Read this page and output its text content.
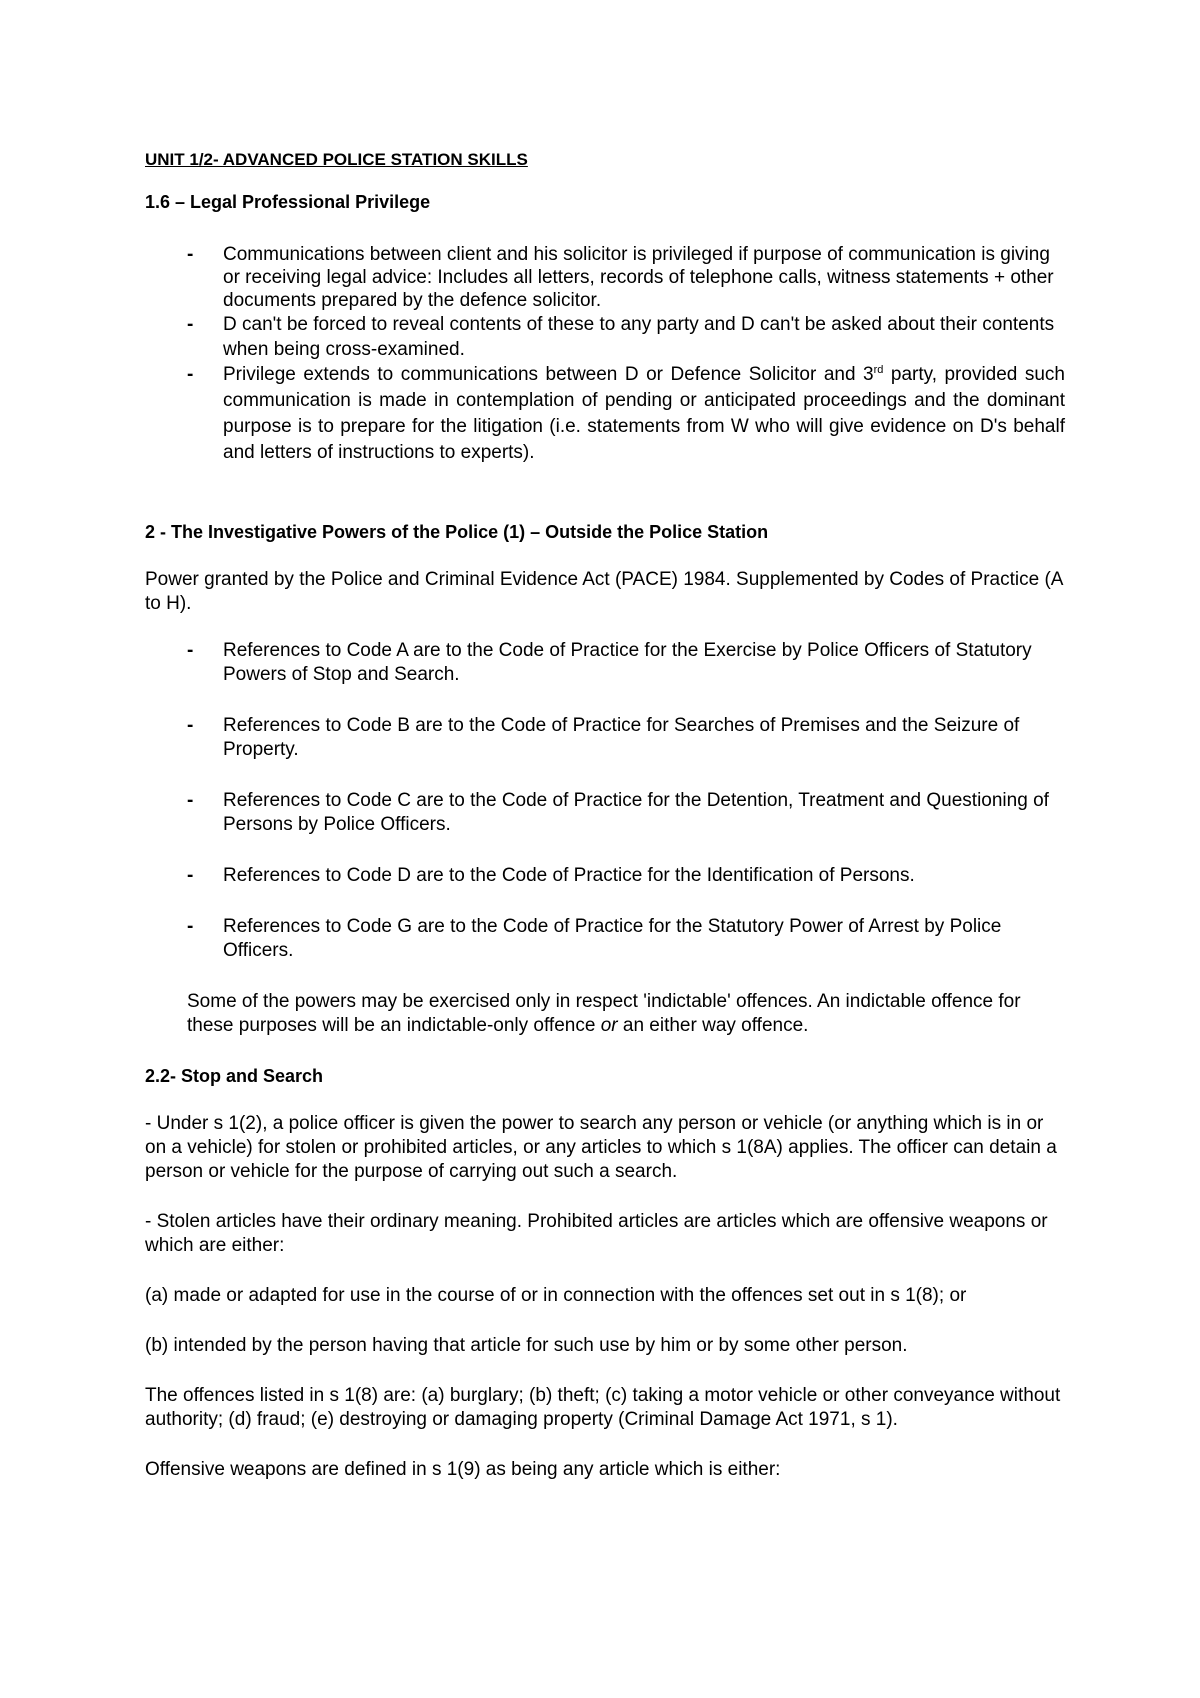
UNIT 1/2- ADVANCED POLICE STATION SKILLS
1.6 – Legal Professional Privilege
- Communications between client and his solicitor is privileged if purpose of communication is giving or receiving legal advice: Includes all letters, records of telephone calls, witness statements + other documents prepared by the defence solicitor.
- D can't be forced to reveal contents of these to any party and D can't be asked about their contents when being cross-examined.
- Privilege extends to communications between D or Defence Solicitor and 3rd party, provided such communication is made in contemplation of pending or anticipated proceedings and the dominant purpose is to prepare for the litigation (i.e. statements from W who will give evidence on D's behalf and letters of instructions to experts).
2 - The Investigative Powers of the Police (1) – Outside the Police Station

Power granted by the Police and Criminal Evidence Act (PACE) 1984. Supplemented by Codes of Practice (A to H).

- References to Code A are to the Code of Practice for the Exercise by Police Officers of Statutory Powers of Stop and Search.
- References to Code B are to the Code of Practice for Searches of Premises and the Seizure of Property.
- References to Code C are to the Code of Practice for the Detention, Treatment and Questioning of Persons by Police Officers.
- References to Code D are to the Code of Practice for the Identification of Persons.
- References to Code G are to the Code of Practice for the Statutory Power of Arrest by Police Officers.

Some of the powers may be exercised only in respect 'indictable' offences. An indictable offence for these purposes will be an indictable-only offence or an either way offence.

2.2- Stop and Search

- Under s 1(2), a police officer is given the power to search any person or vehicle (or anything which is in or on a vehicle) for stolen or prohibited articles, or any articles to which s 1(8A) applies. The officer can detain a person or vehicle for the purpose of carrying out such a search.

- Stolen articles have their ordinary meaning. Prohibited articles are articles which are offensive weapons or which are either:

(a) made or adapted for use in the course of or in connection with the offences set out in s 1(8); or

(b) intended by the person having that article for such use by him or by some other person.

The offences listed in s 1(8) are: (a) burglary; (b) theft; (c) taking a motor vehicle or other conveyance without authority; (d) fraud; (e) destroying or damaging property (Criminal Damage Act 1971, s 1).

Offensive weapons are defined in s 1(9) as being any article which is either:
